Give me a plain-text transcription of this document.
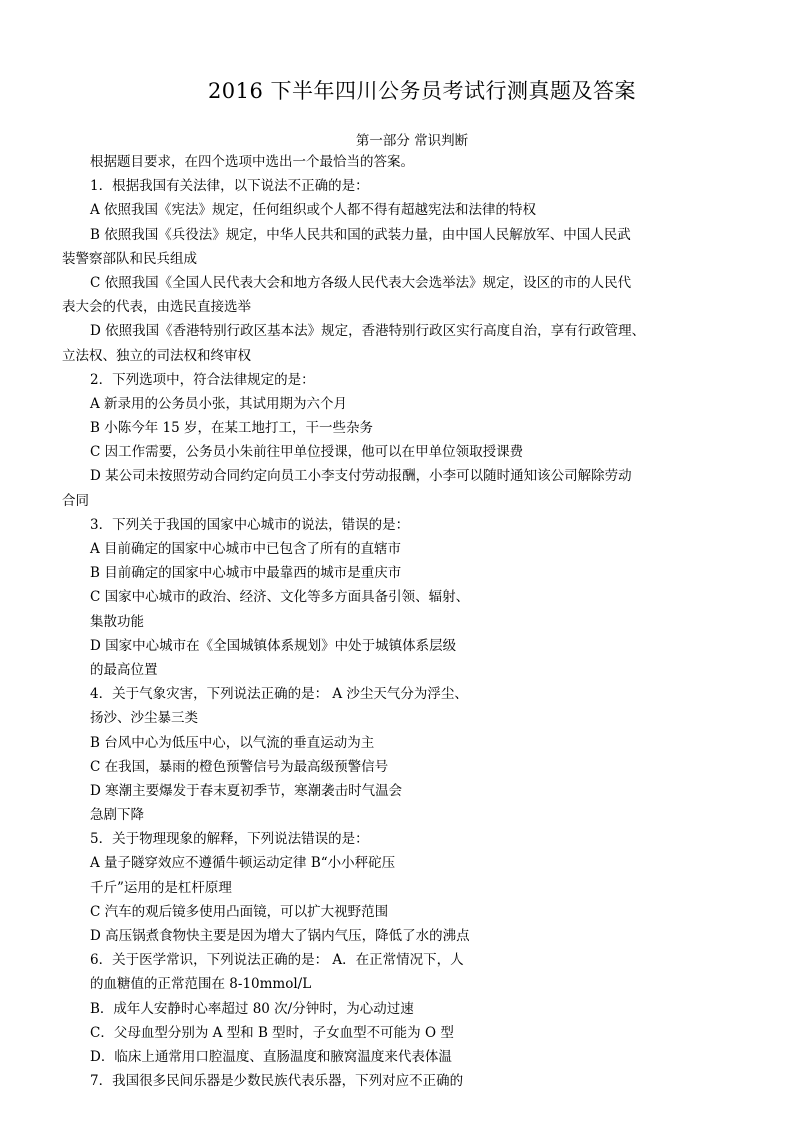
2016 下半年四川公务员考试行测真题及答案
第一部分 常识判断
根据题目要求，在四个选项中选出一个最恰当的答案。
1．根据我国有关法律，以下说法不正确的是：
A 依照我国《宪法》规定，任何组织或个人都不得有超越宪法和法律的特权
B 依照我国《兵役法》规定，中华人民共和国的武装力量，由中国人民解放军、中国人民武
装警察部队和民兵组成
C 依照我国《全国人民代表大会和地方各级人民代表大会选举法》规定，设区的市的人民代
表大会的代表，由选民直接选举
D 依照我国《香港特别行政区基本法》规定，香港特别行政区实行高度自治，享有行政管理、
立法权、独立的司法权和终审权
2．下列选项中，符合法律规定的是：
A 新录用的公务员小张，其试用期为六个月
B 小陈今年 15 岁，在某工地打工，干一些杂务
C 因工作需要，公务员小朱前往甲单位授课，他可以在甲单位领取授课费
D 某公司未按照劳动合同约定向员工小李支付劳动报酬，小李可以随时通知该公司解除劳动
合同
3．下列关于我国的国家中心城市的说法，错误的是：
A 目前确定的国家中心城市中已包含了所有的直辖市
B 目前确定的国家中心城市中最靠西的城市是重庆市
C 国家中心城市的政治、经济、文化等多方面具备引领、辐射、
集散功能
D 国家中心城市在《全国城镇体系规划》中处于城镇体系层级
的最高位置
4．关于气象灾害，下列说法正确的是： A 沙尘天气分为浮尘、
扬沙、沙尘暴三类
B 台风中心为低压中心，以气流的垂直运动为主
C 在我国，暴雨的橙色预警信号为最高级预警信号
D 寒潮主要爆发于春末夏初季节，寒潮袭击时气温会
急剧下降
5．关于物理现象的解释，下列说法错误的是：
A 量子隧穿效应不遵循牛顿运动定律 B“小小秤砣压
千斤”运用的是杠杆原理
C 汽车的观后镜多使用凸面镜，可以扩大视野范围
D 高压锅煮食物快主要是因为增大了锅内气压，降低了水的沸点
6．关于医学常识，下列说法正确的是： A．在正常情况下，人
的血糖值的正常范围在 8-10mmol/L
B．成年人安静时心率超过 80 次/分钟时，为心动过速
C．父母血型分别为 A 型和 B 型时，子女血型不可能为 O 型
D．临床上通常用口腔温度、直肠温度和腋窝温度来代表体温
7．我国很多民间乐器是少数民族代表乐器，下列对应不正确的
